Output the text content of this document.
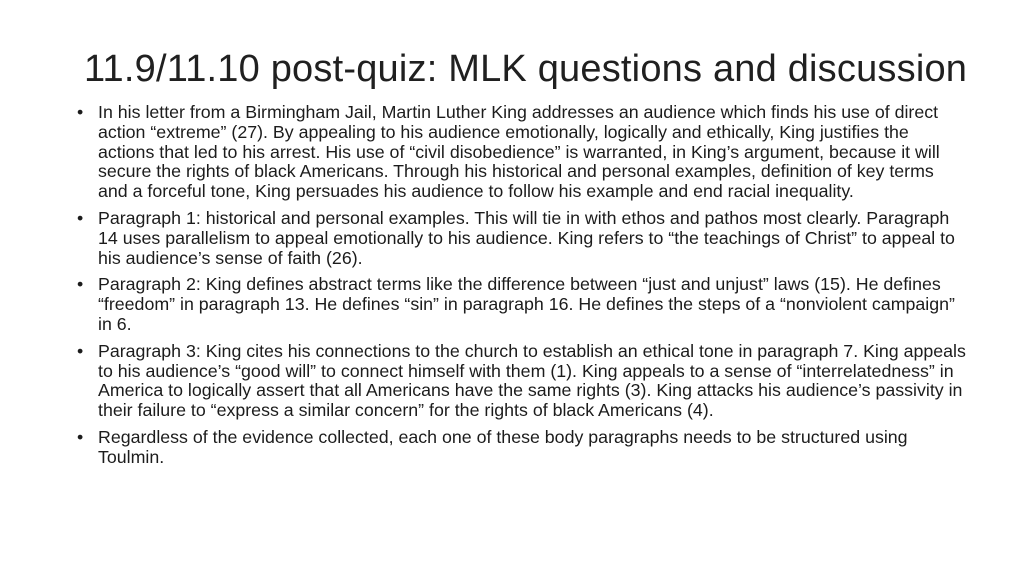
11.9/11.10 post-quiz: MLK questions and discussion
• In his letter from a Birmingham Jail, Martin Luther King addresses an audience which finds his use of direct action “extreme” (27). By appealing to his audience emotionally, logically and ethically, King justifies the actions that led to his arrest. His use of “civil disobedience” is warranted, in King’s argument, because it will secure the rights of black Americans. Through his historical and personal examples, definition of key terms and a forceful tone, King persuades his audience to follow his example and end racial inequality.
• Paragraph 1: historical and personal examples. This will tie in with ethos and pathos most clearly. Paragraph 14 uses parallelism to appeal emotionally to his audience. King refers to “the teachings of Christ” to appeal to his audience’s sense of faith (26).
• Paragraph 2: King defines abstract terms like the difference between “just and unjust” laws (15). He defines “freedom” in paragraph 13. He defines “sin” in paragraph 16. He defines the steps of a “nonviolent campaign” in 6.
• Paragraph 3: King cites his connections to the church to establish an ethical tone in paragraph 7. King appeals to his audience’s “good will” to connect himself with them (1). King appeals to a sense of “interrelatedness” in America to logically assert that all Americans have the same rights (3). King attacks his audience’s passivity in their failure to “express a similar concern” for the rights of black Americans (4).
• Regardless of the evidence collected, each one of these body paragraphs needs to be structured using Toulmin.
